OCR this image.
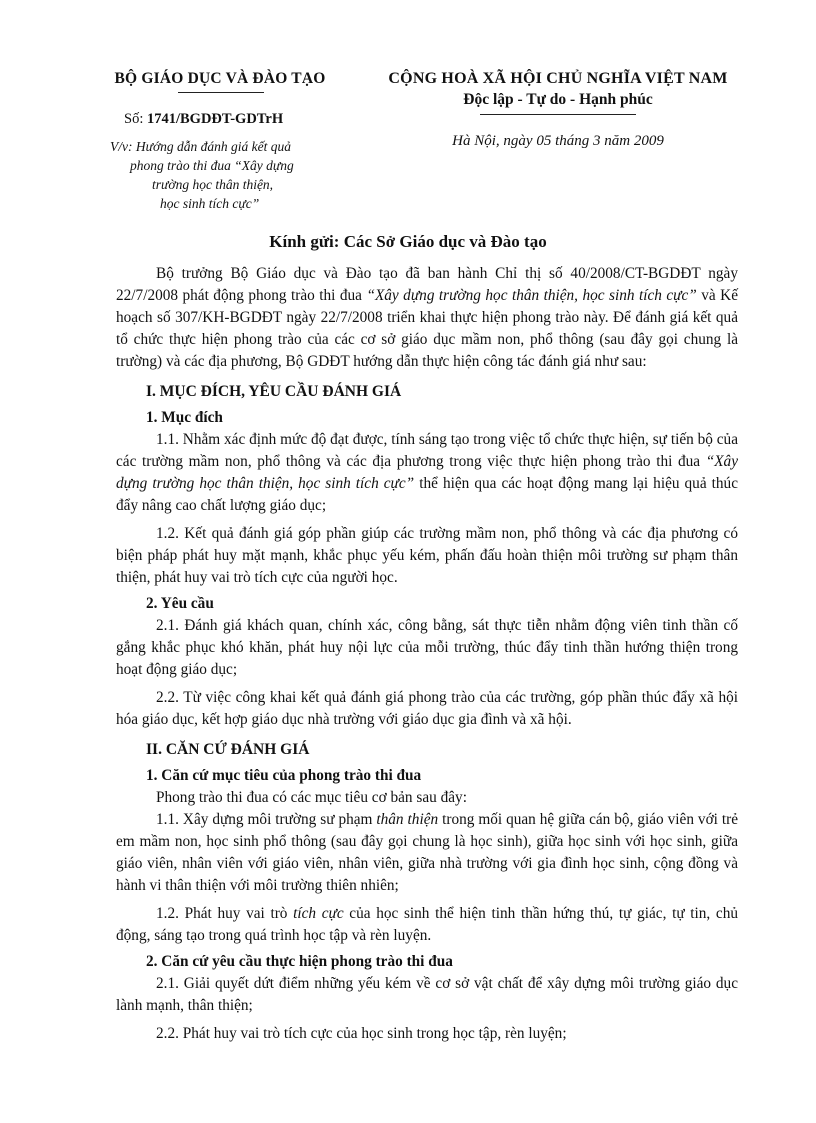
BỘ GIÁO DỤC VÀ ĐÀO TẠO
Số: 1741/BGDĐT-GDTrH
V/v: Hướng dẫn đánh giá kết quả
phong trào thi đua “Xây dựng
trường học thân thiện,
học sinh tích cực”
CỘNG HOÀ XÃ HỘI CHỦ NGHĨA VIỆT NAM
Độc lập - Tự do - Hạnh phúc
Hà Nội, ngày 05 tháng 3 năm 2009
Kính gửi: Các Sở Giáo dục và Đào tạo

Bộ trưởng Bộ Giáo dục và Đào tạo đã ban hành Chỉ thị số 40/2008/CT-BGDĐT ngày 22/7/2008 phát động phong trào thi đua “Xây dựng trường học thân thiện, học sinh tích cực” và Kế hoạch số 307/KH-BGDĐT ngày 22/7/2008 triển khai thực hiện phong trào này. Để đánh giá kết quả tổ chức thực hiện phong trào của các cơ sở giáo dục mầm non, phổ thông (sau đây gọi chung là trường) và các địa phương, Bộ GDĐT hướng dẫn thực hiện công tác đánh giá như sau:

I. MỤC ĐÍCH, YÊU CẦU ĐÁNH GIÁ

1. Mục đích

1.1. Nhằm xác định mức độ đạt được, tính sáng tạo trong việc tổ chức thực hiện, sự tiến bộ của các trường mầm non, phổ thông và các địa phương trong việc thực hiện phong trào thi đua “Xây dựng trường học thân thiện, học sinh tích cực” thể hiện qua các hoạt động mang lại hiệu quả thúc đẩy nâng cao chất lượng giáo dục;

1.2. Kết quả đánh giá góp phần giúp các trường mầm non, phổ thông và các địa phương có biện pháp phát huy mặt mạnh, khắc phục yếu kém, phấn đấu hoàn thiện môi trường sư phạm thân thiện, phát huy vai trò tích cực của người học.

2. Yêu cầu

2.1. Đánh giá khách quan, chính xác, công bằng, sát thực tiễn nhằm động viên tinh thần cố gắng khắc phục khó khăn, phát huy nội lực của mỗi trường, thúc đẩy tinh thần hướng thiện trong hoạt động giáo dục;

2.2. Từ việc công khai kết quả đánh giá phong trào của các trường, góp phần thúc đẩy xã hội hóa giáo dục, kết hợp giáo dục nhà trường với giáo dục gia đình và xã hội.

II. CĂN CỨ ĐÁNH GIÁ

1. Căn cứ mục tiêu của phong trào thi đua

Phong trào thi đua có các mục tiêu cơ bản sau đây:

1.1. Xây dựng môi trường sư phạm thân thiện trong mối quan hệ giữa cán bộ, giáo viên với trẻ em mầm non, học sinh phổ thông (sau đây gọi chung là học sinh), giữa học sinh với học sinh, giữa giáo viên, nhân viên với giáo viên, nhân viên, giữa nhà trường với gia đình học sinh, cộng đồng và hành vi thân thiện với môi trường thiên nhiên;

1.2. Phát huy vai trò tích cực của học sinh thể hiện tinh thần hứng thú, tự giác, tự tin, chủ động, sáng tạo trong quá trình học tập và rèn luyện.

2. Căn cứ yêu cầu thực hiện phong trào thi đua

2.1. Giải quyết dứt điểm những yếu kém về cơ sở vật chất để xây dựng môi trường giáo dục lành mạnh, thân thiện;

2.2. Phát huy vai trò tích cực của học sinh trong học tập, rèn luyện;
